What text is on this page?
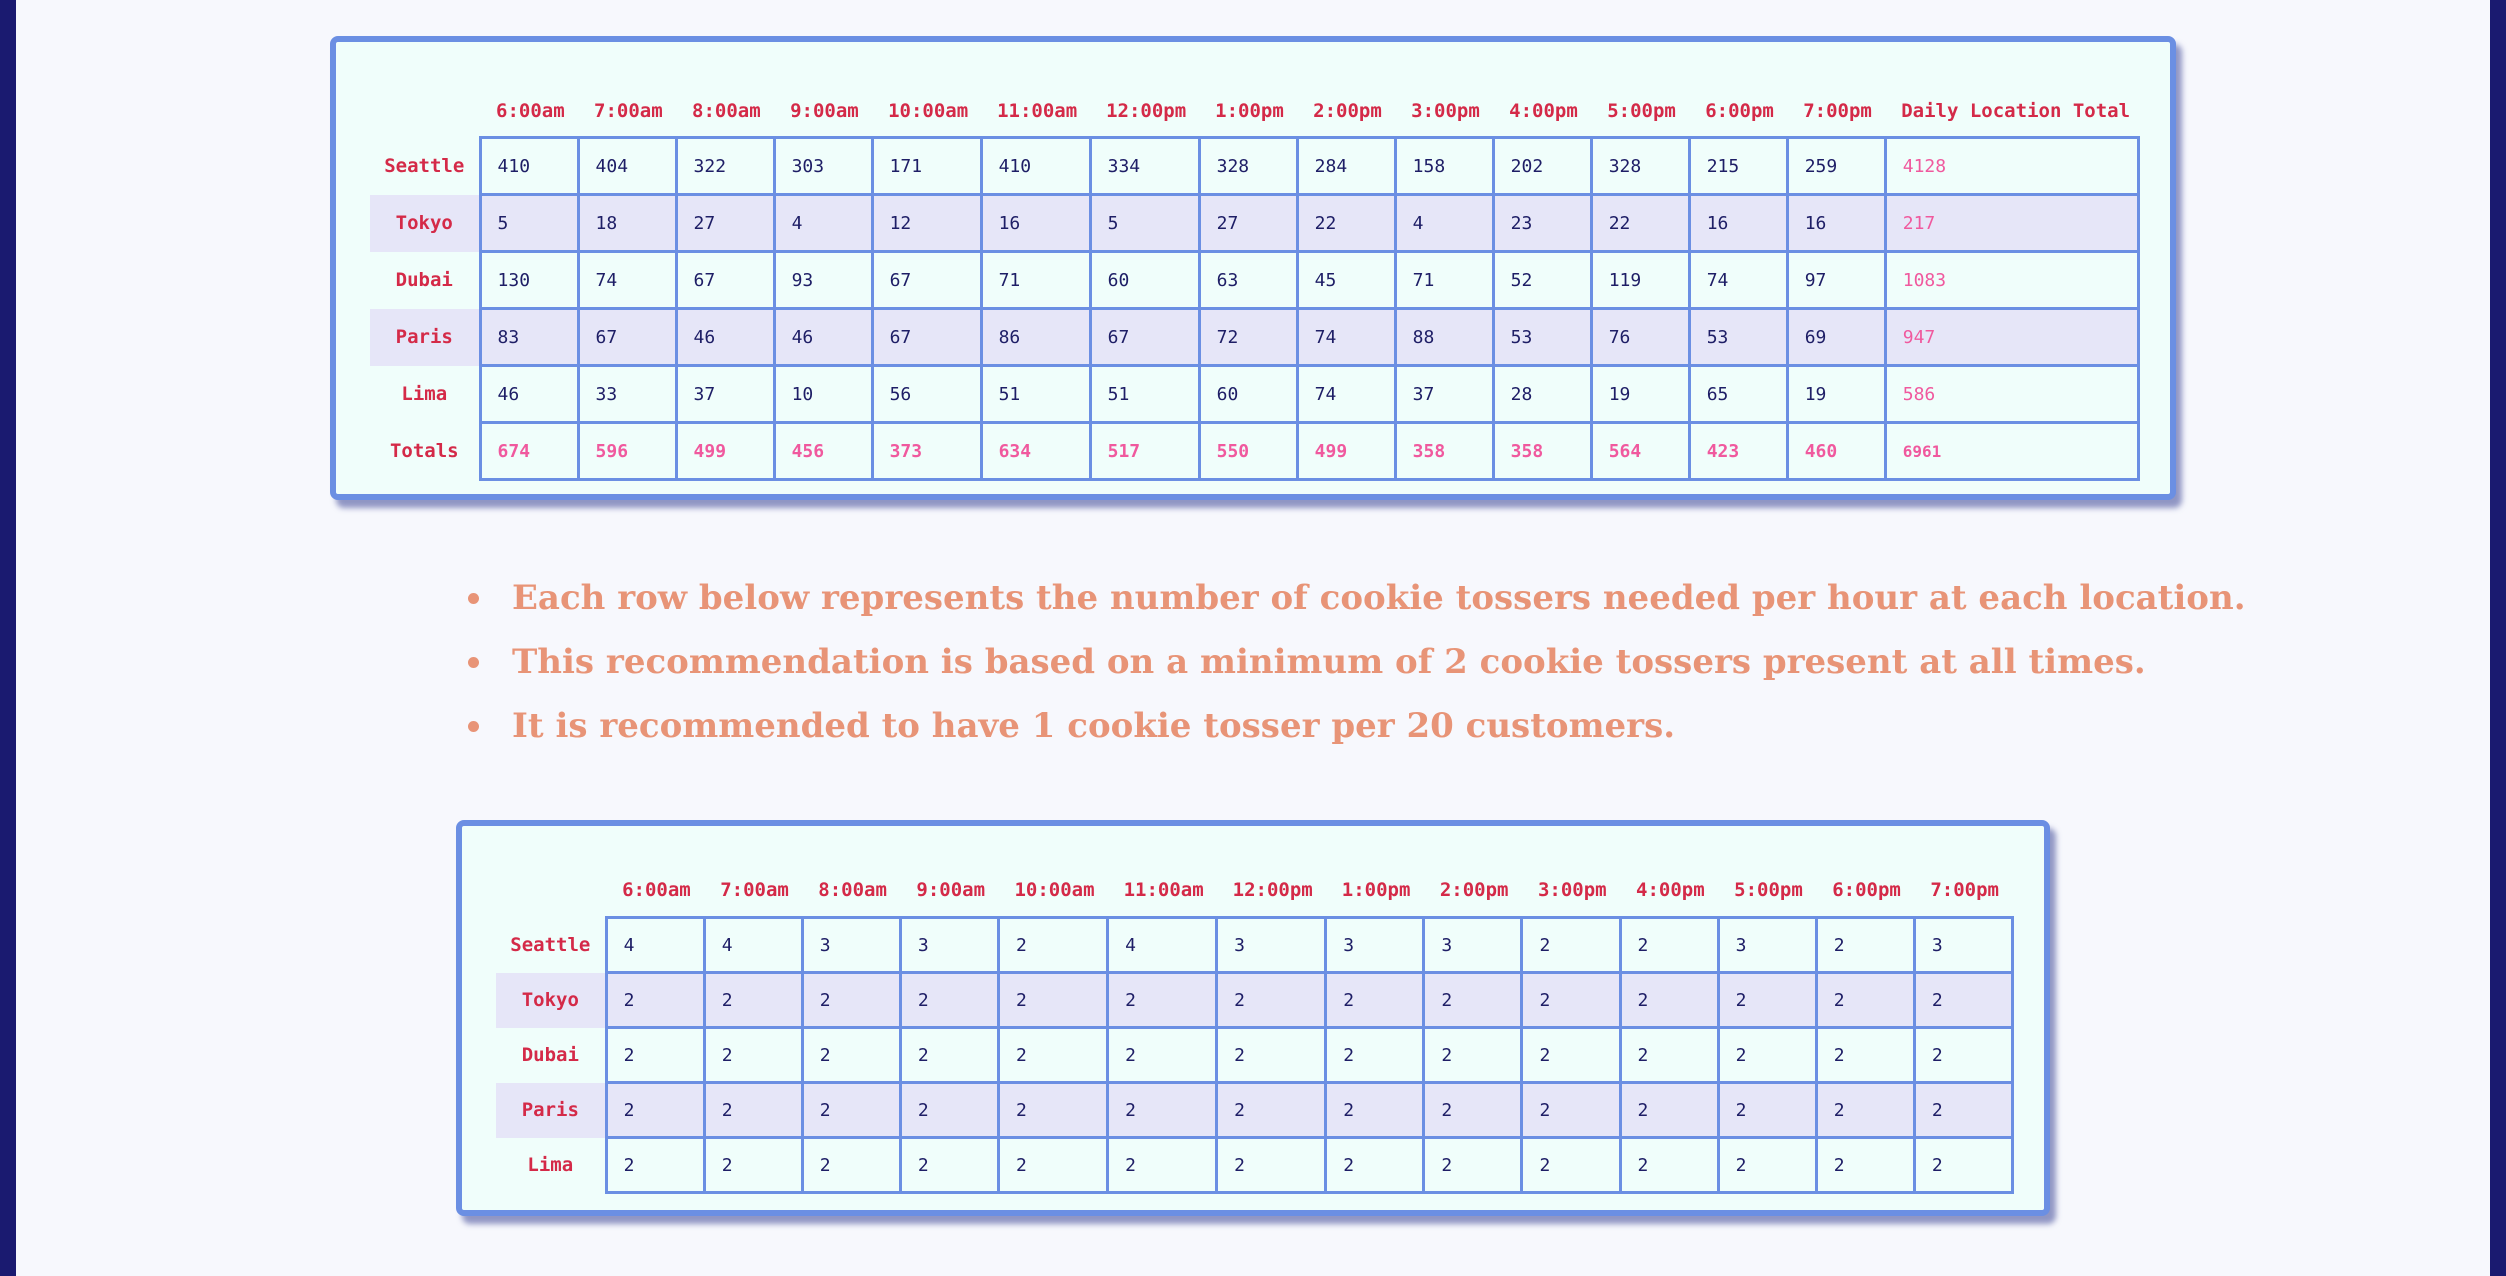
	6:00am	7:00am	8:00am	9:00am	10:00am	11:00am	12:00pm	1:00pm	2:00pm	3:00pm	4:00pm	5:00pm	6:00pm	7:00pm	Daily Location Total
Seattle	410	404	322	303	171	410	334	328	284	158	202	328	215	259	4128
Tokyo	5	18	27	4	12	16	5	27	22	4	23	22	16	16	217
Dubai	130	74	67	93	67	71	60	63	45	71	52	119	74	97	1083
Paris	83	67	46	46	67	86	67	72	74	88	53	76	53	69	947
Lima	46	33	37	10	56	51	51	60	74	37	28	19	65	19	586
Totals	674	596	499	456	373	634	517	550	499	358	358	564	423	460	6961
Each row below represents the number of cookie tossers needed per hour at each location.
This recommendation is based on a minimum of 2 cookie tossers present at all times.
It is recommended to have 1 cookie tosser per 20 customers.
	6:00am	7:00am	8:00am	9:00am	10:00am	11:00am	12:00pm	1:00pm	2:00pm	3:00pm	4:00pm	5:00pm	6:00pm	7:00pm
Seattle	4	4	3	3	2	4	3	3	3	2	2	3	2	3
Tokyo	2	2	2	2	2	2	2	2	2	2	2	2	2	2
Dubai	2	2	2	2	2	2	2	2	2	2	2	2	2	2
Paris	2	2	2	2	2	2	2	2	2	2	2	2	2	2
Lima	2	2	2	2	2	2	2	2	2	2	2	2	2	2
